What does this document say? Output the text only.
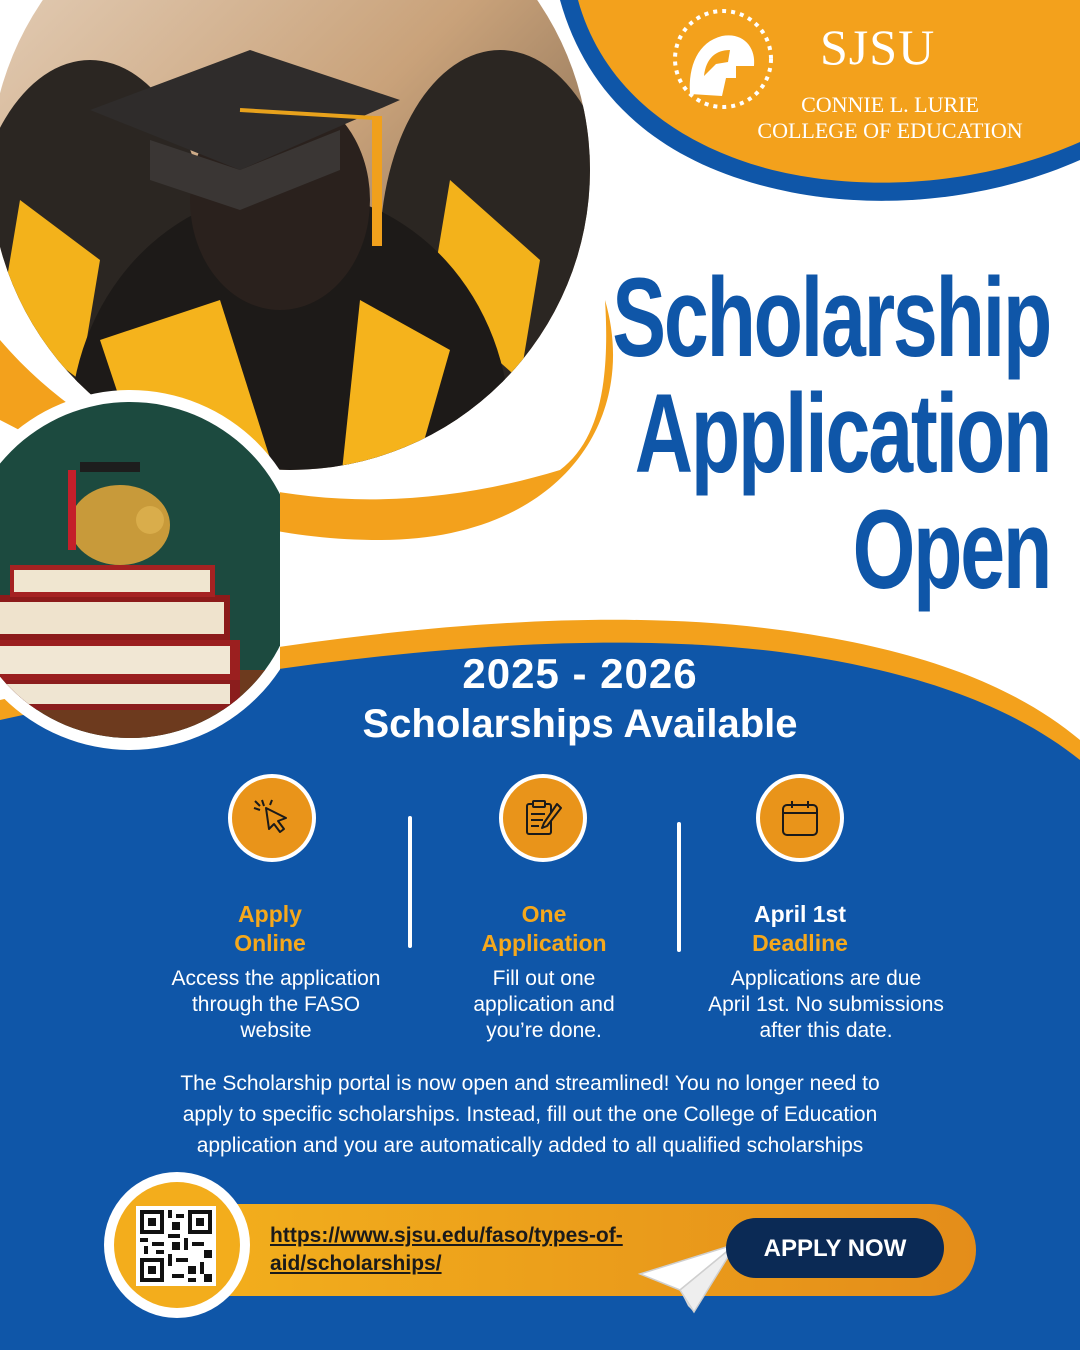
SJSU
CONNIE L. LURIE
COLLEGE OF EDUCATION
Scholarship
Application
Open
2025 - 2026
Scholarships Available
Apply
Online
Access the application
through the FASO
website
One
Application
Fill out one
application and
you’re done.
April 1st
Deadline
Applications are due
April 1st. No submissions
after this date.
The Scholarship portal is now open and streamlined! You no longer need to
apply to specific scholarships. Instead, fill out the one College of Education
application and you are automatically added to all qualified scholarships
https://www.sjsu.edu/faso/types-of-
aid/scholarships/
APPLY NOW
